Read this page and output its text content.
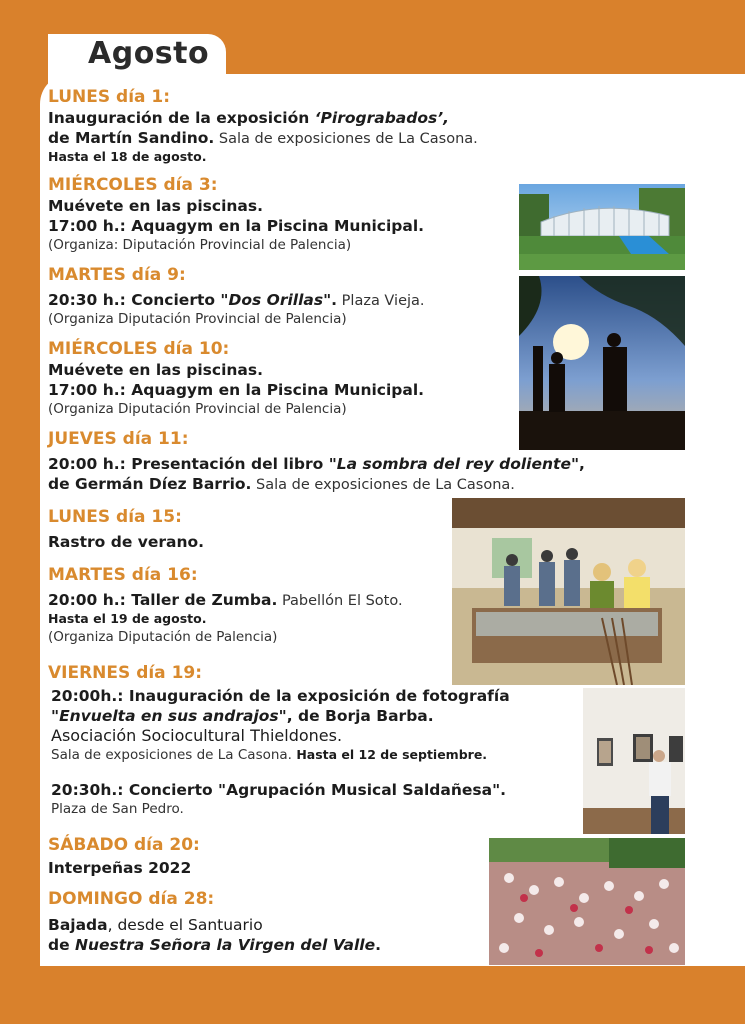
Agosto
LUNES día 1:
Inauguración de la exposición ‘Pirograbados’,
de Martín Sandino. Sala de exposiciones de La Casona.
Hasta el 18 de agosto.
MIÉRCOLES día 3:
Muévete en las piscinas.
17:00 h.: Aquagym en la Piscina Municipal.
(Organiza: Diputación Provincial de Palencia)
MARTES día 9:
20:30 h.: Concierto "Dos Orillas". Plaza Vieja.
(Organiza Diputación Provincial de Palencia)
MIÉRCOLES día 10:
Muévete en las piscinas.
17:00 h.: Aquagym en la Piscina Municipal.
(Organiza Diputación Provincial de Palencia)
JUEVES día 11:
20:00 h.: Presentación del libro "La sombra del rey doliente",
de Germán Díez Barrio. Sala de exposiciones de La Casona.
LUNES día 15:
Rastro de verano.
MARTES día 16:
20:00 h.: Taller de Zumba. Pabellón El Soto.
Hasta el 19 de agosto.
(Organiza Diputación de Palencia)
VIERNES día 19:
20:00h.: Inauguración de la exposición de fotografía
"Envuelta en sus andrajos", de Borja Barba.
Asociación Sociocultural Thieldones.
Sala de exposiciones de La Casona. Hasta el 12 de septiembre.
20:30h.: Concierto "Agrupación Musical Saldañesa".
Plaza de San Pedro.
SÁBADO día 20:
Interpeñas 2022
DOMINGO día 28:
Bajada, desde el Santuario
de Nuestra Señora la Virgen del Valle.
